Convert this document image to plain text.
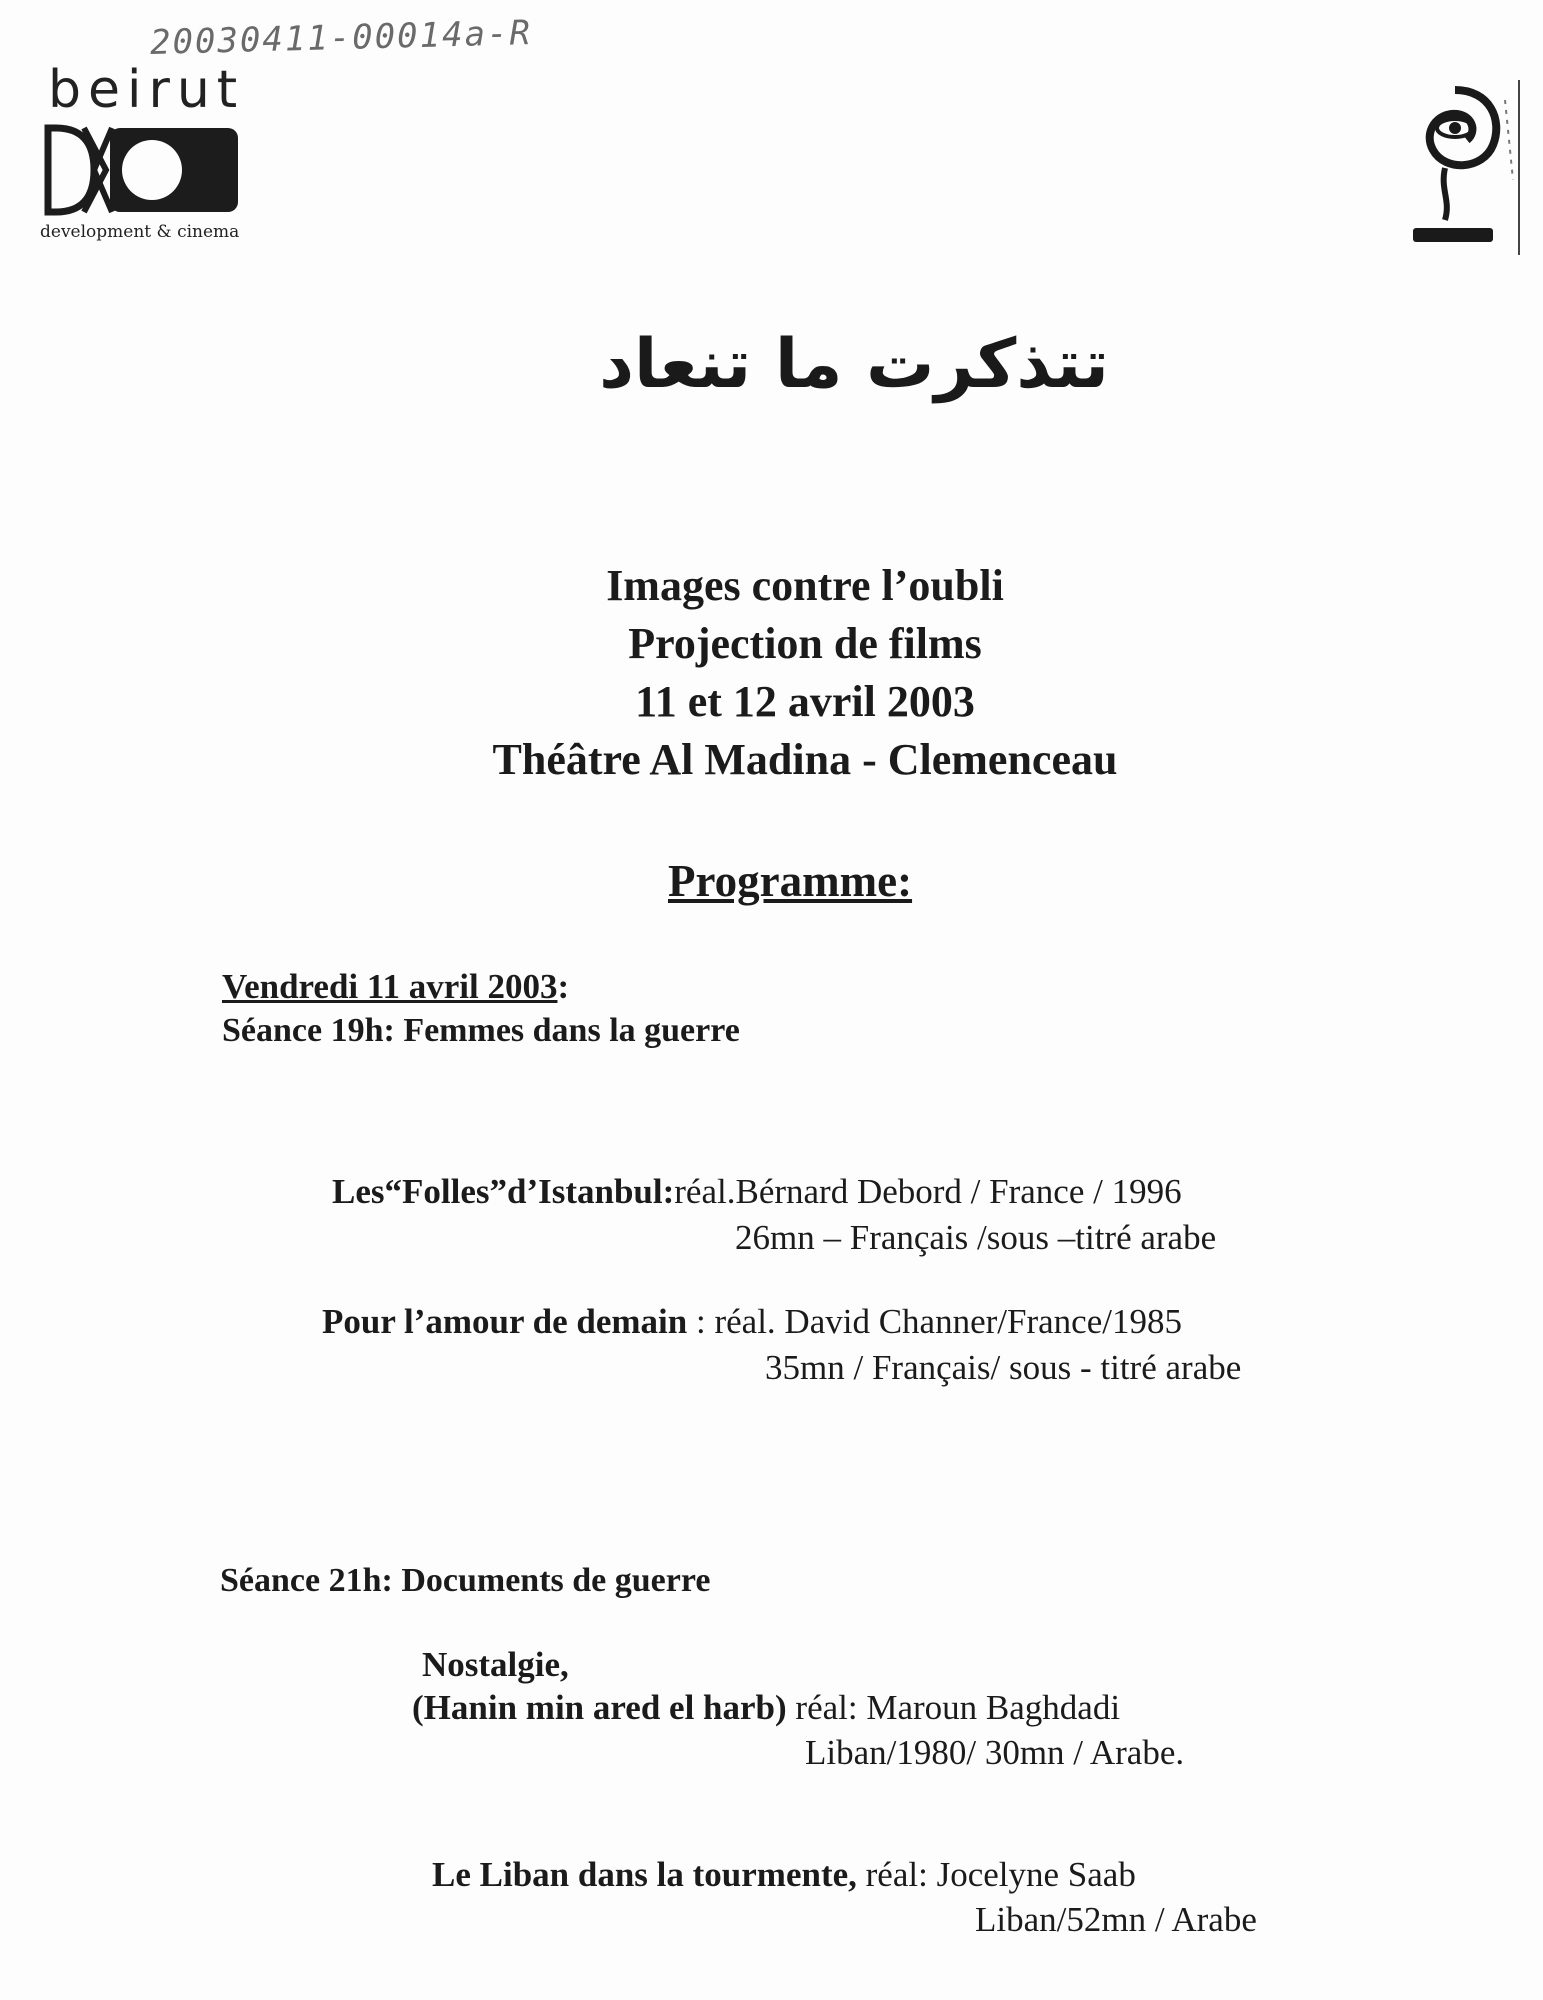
20030411-00014a-R
beirut
development & cinema
تتذكرت ما تنعاد
Images contre l’oubli
Projection de films
11 et 12 avril 2003
Théâtre Al Madina - Clemenceau
Programme:
Vendredi 11 avril 2003:
Séance 19h: Femmes dans la guerre
Les“Folles”d’Istanbul:réal.Bérnard Debord / France / 1996
26mn – Français /sous –titré arabe
Pour l’amour de demain : réal. David Channer/France/1985
35mn / Français/ sous - titré arabe
Séance 21h: Documents de guerre
Nostalgie,
(Hanin min ared el harb) réal: Maroun Baghdadi
Liban/1980/ 30mn / Arabe.
Le Liban dans la tourmente, réal: Jocelyne Saab
Liban/52mn / Arabe
